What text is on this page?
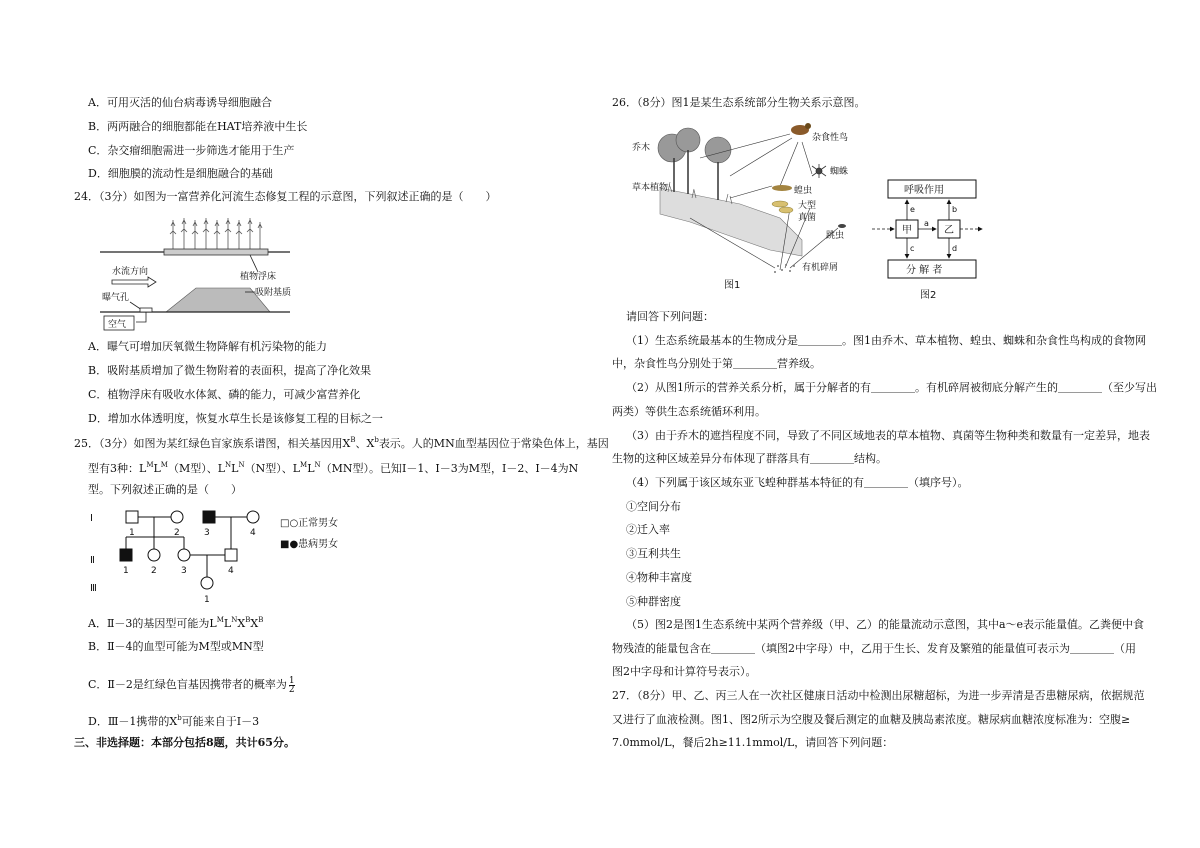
A．可用灭活的仙台病毒诱导细胞融合
B．两两融合的细胞都能在HAT培养液中生长
C．杂交瘤细胞需进一步筛选才能用于生产
D．细胞膜的流动性是细胞融合的基础
24．（3分）如图为一富营养化河流生态修复工程的示意图，下列叙述正确的是（　　）
植物浮床
水流方向
吸附基质
曝气孔
空气
A．曝气可增加厌氧微生物降解有机污染物的能力
B．吸附基质增加了微生物附着的表面积，提高了净化效果
C．植物浮床有吸收水体氮、磷的能力，可减少富营养化
D．增加水体透明度，恢复水草生长是该修复工程的目标之一
25．（3分）如图为某红绿色盲家族系谱图，相关基因用$X^B$、$X^b$表示。人的MN血型基因位于常染色体上，基因
型有3种：$L^ML^M(M$型）、$L^NL^N(N$型）、$L^ML^N(MN$型）。已知Ⅰ－1、Ⅰ－3为M型，Ⅰ－2、Ⅰ－4为N
型。下列叙述正确的是（　　）
Ⅰ
Ⅱ
Ⅲ
1	2	3	4
1 2	3	4
1
□○正常男女
■●患病男女
A．Ⅱ－3的基因型可能为$L^ML^NX^BX^B$
B．Ⅱ－4的血型可能为M型或MN型
C．Ⅱ－2是红绿色盲基因携带者的概率为 $\frac{1}{2}$
D．Ⅲ－1携带的$X^b$可能来自于Ⅰ－3
三、非选择题：本部分包括8题，共计65分。
26．（8分）图1是某生态系统部分生物关系示意图。
乔木
草本植物
杂食性鸟
蜘蛛
蝗虫
大型
真菌
跳虫
有机碎屑
图1
呼吸作用
甲	乙
分 解 者
a
b
c	d
e
图2
请回答下列问题：
（1）生态系统最基本的生物成分是＿＿＿＿。图1由乔木、草本植物、蝗虫、蜘蛛和杂食性鸟构成的食物网
中，杂食性鸟分别处于第＿＿＿＿营养级。
（2）从图1所示的营养关系分析，属于分解者的有＿＿＿＿。有机碎屑被彻底分解产生的＿＿＿＿（至少写出
两类）等供生态系统循环利用。
（3）由于乔木的遮挡程度不同，导致了不同区域地表的草本植物、真菌等生物种类和数量有一定差异，地表
生物的这种区域差异分布体现了群落具有＿＿＿＿结构。
（4）下列属于该区域东亚飞蝗种群基本特征的有＿＿＿＿（填序号）。
①空间分布
②迁入率
③互利共生
④物种丰富度
⑤种群密度
（5）图2是图1生态系统中某两个营养级（甲、乙）的能量流动示意图，其中a～e表示能量值。乙粪便中食
物残渣的能量包含在＿＿＿＿（填图2中字母）中，乙用于生长、发育及繁殖的能量值可表示为＿＿＿＿（用
图2中字母和计算符号表示）。
27．（8分）甲、乙、丙三人在一次社区健康日活动中检测出尿糖超标，为进一步弄清是否患糖尿病，依据规范
又进行了血液检测。图1、图2所示为空腹及餐后测定的血糖及胰岛素浓度。糖尿病血糖浓度标准为：空腹≥
7.0mmol/L，餐后2h≥11.1mmol/L，请回答下列问题：
